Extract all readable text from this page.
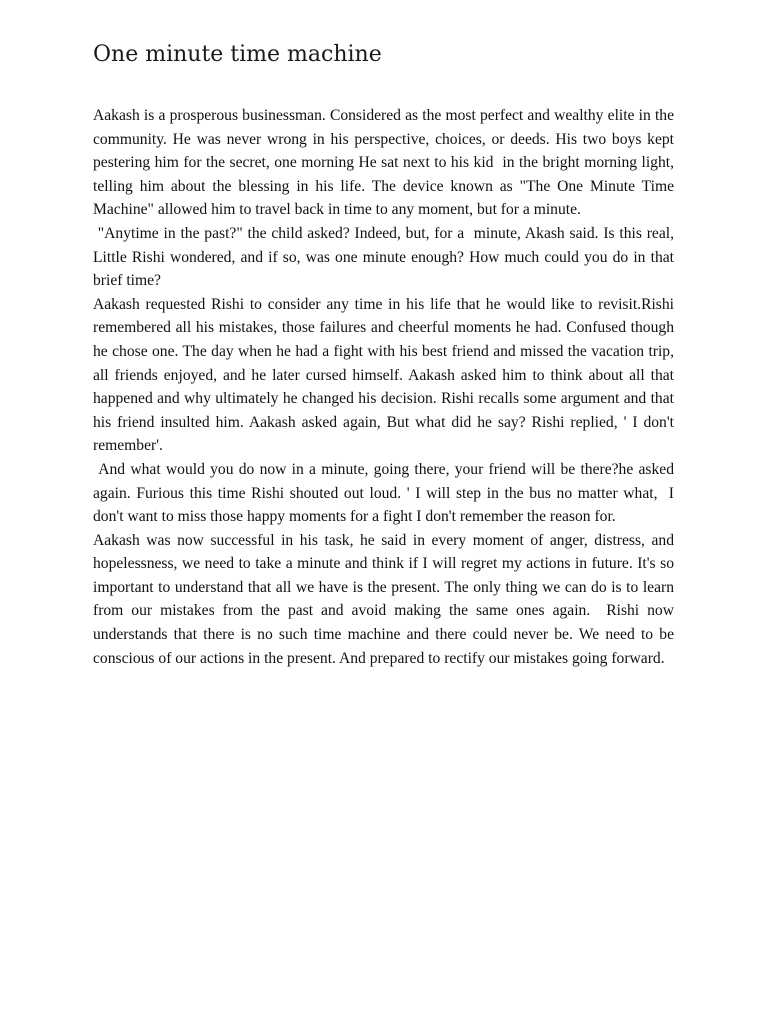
One minute time machine

Aakash is a prosperous businessman. Considered as the most perfect and wealthy elite in the community. He was never wrong in his perspective, choices, or deeds. His two boys kept pestering him for the secret, one morning He sat next to his kid  in the bright morning light, telling him about the blessing in his life. The device known as "The One Minute Time Machine" allowed him to travel back in time to any moment, but for a minute.

"Anytime in the past?" the child asked? Indeed, but, for a  minute, Akash said. Is this real, Little Rishi wondered, and if so, was one minute enough? How much could you do in that brief time?

Aakash requested Rishi to consider any time in his life that he would like to revisit.Rishi remembered all his mistakes, those failures and cheerful moments he had. Confused though he chose one. The day when he had a fight with his best friend and missed the vacation trip, all friends enjoyed, and he later cursed himself. Aakash asked him to think about all that happened and why ultimately he changed his decision. Rishi recalls some argument and that his friend insulted him. Aakash asked again, But what did he say? Rishi replied, ' I don't remember'.

And what would you do now in a minute, going there, your friend will be there?he asked again. Furious this time Rishi shouted out loud. ' I will step in the bus no matter what,  I don't want to miss those happy moments for a fight I don't remember the reason for.

Aakash was now successful in his task, he said in every moment of anger, distress, and hopelessness, we need to take a minute and think if I will regret my actions in future. It's so important to understand that all we have is the present. The only thing we can do is to learn from our mistakes from the past and avoid making the same ones again.  Rishi now understands that there is no such time machine and there could never be. We need to be conscious of our actions in the present. And prepared to rectify our mistakes going forward.
